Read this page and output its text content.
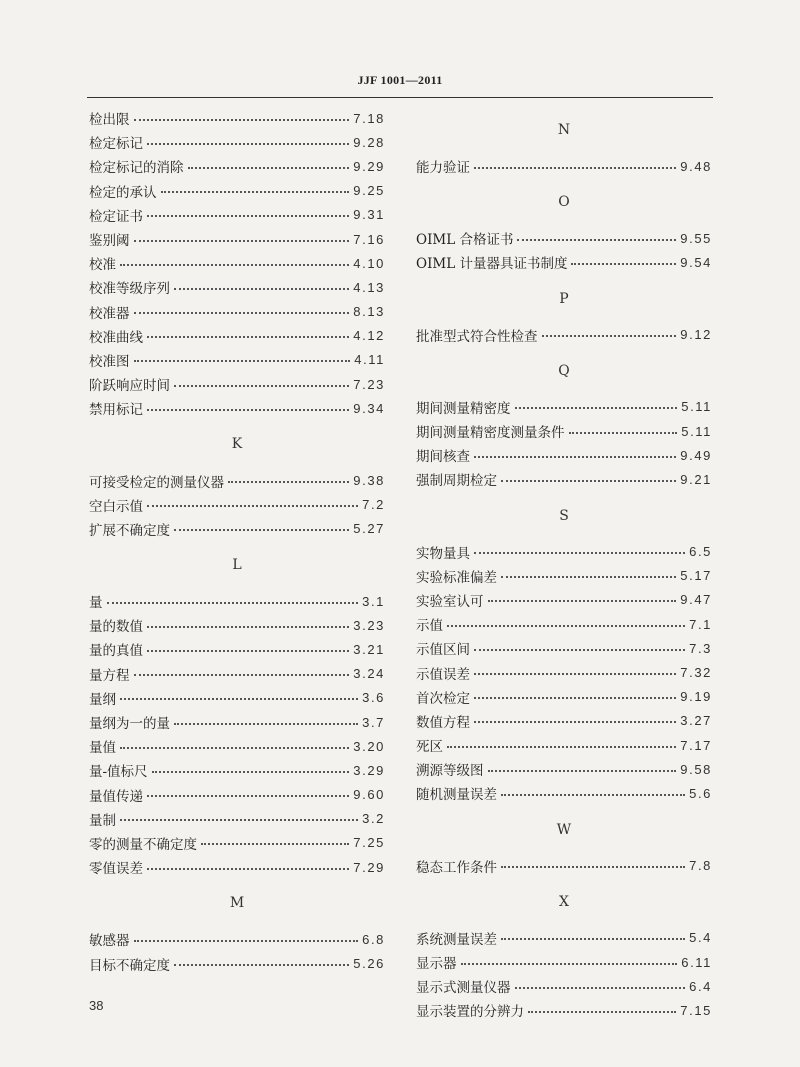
JJF 1001—2011
检出限	7.18
检定标记	9.28
检定标记的消除	9.29
检定的承认	9.25
检定证书	9.31
鉴别阈	7.16
校准	4.10
校准等级序列	4.13
校准器	8.13
校准曲线	4.12
校准图	4.11
阶跃响应时间	7.23
禁用标记	9.34
K
可接受检定的测量仪器	9.38
空白示值	7.2
扩展不确定度	5.27
L
量	3.1
量的数值	3.23
量的真值	3.21
量方程	3.24
量纲	3.6
量纲为一的量	3.7
量值	3.20
量-值标尺	3.29
量值传递	9.60
量制	3.2
零的测量不确定度	7.25
零值误差	7.29
M
敏感器	6.8
目标不确定度	5.26
N
能力验证	9.48
O
OIML 合格证书	9.55
OIML 计量器具证书制度	9.54
P
批准型式符合性检查	9.12
Q
期间测量精密度	5.11
期间测量精密度测量条件	5.11
期间核查	9.49
强制周期检定	9.21
S
实物量具	6.5
实验标准偏差	5.17
实验室认可	9.47
示值	7.1
示值区间	7.3
示值误差	7.32
首次检定	9.19
数值方程	3.27
死区	7.17
溯源等级图	9.58
随机测量误差	5.6
W
稳态工作条件	7.8
X
系统测量误差	5.4
显示器	6.11
显示式测量仪器	6.4
显示装置的分辨力	7.15
38
